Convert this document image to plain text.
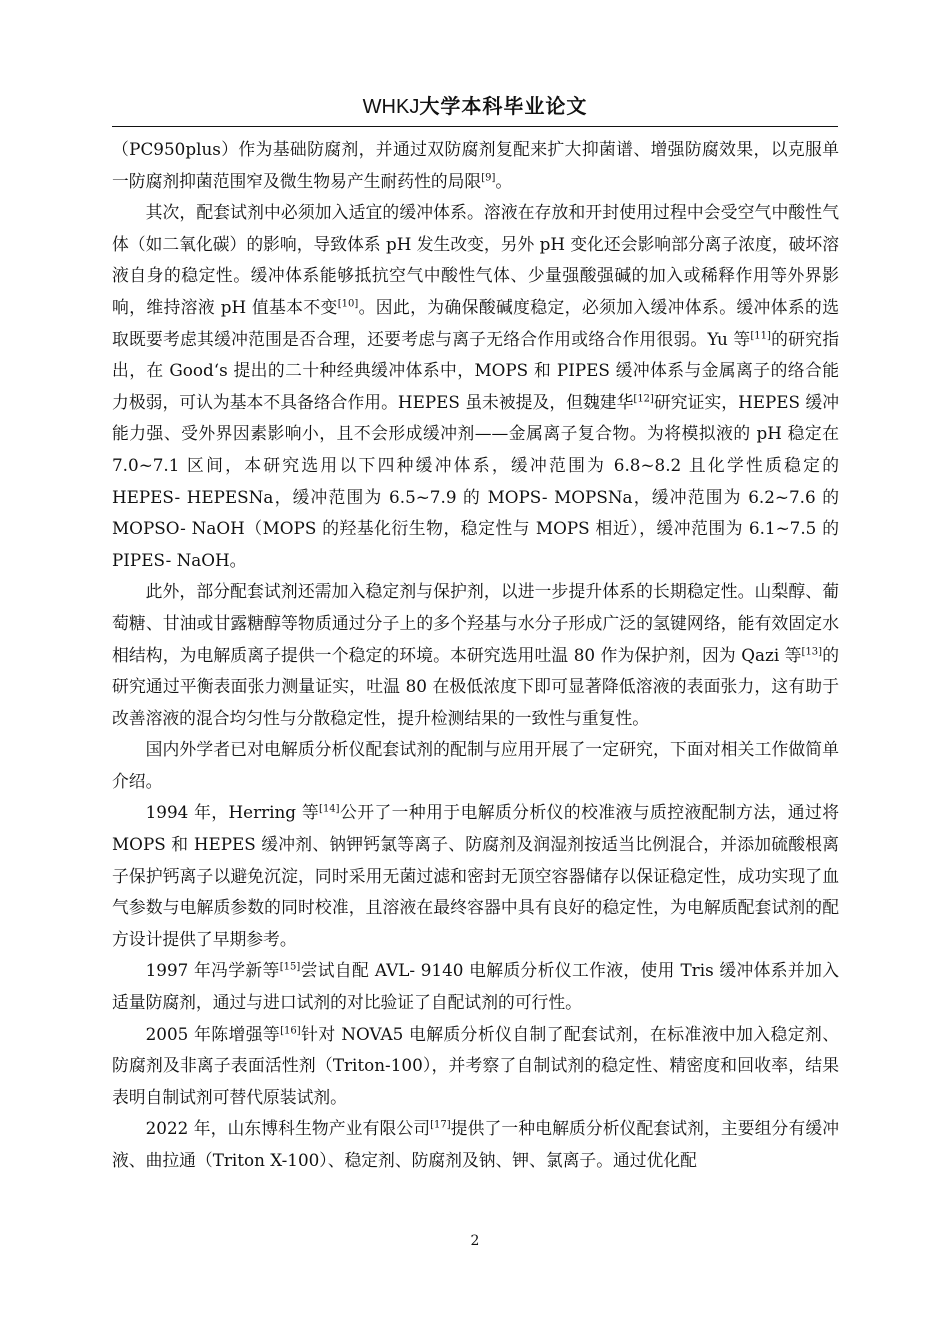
WHKJ大学本科毕业论文

（PC950plus）作为基础防腐剂，并通过双防腐剂复配来扩大抑菌谱、增强防腐效果，以克服单一防腐剂抑菌范围窄及微生物易产生耐药性的局限[9]。

其次，配套试剂中必须加入适宜的缓冲体系。溶液在存放和开封使用过程中会受空气中酸性气体（如二氧化碳）的影响，导致体系 pH 发生改变，另外 pH 变化还会影响部分离子浓度，破坏溶液自身的稳定性。缓冲体系能够抵抗空气中酸性气体、少量强酸强碱的加入或稀释作用等外界影响，维持溶液 pH 值基本不变[10]。因此，为确保酸碱度稳定，必须加入缓冲体系。缓冲体系的选取既要考虑其缓冲范围是否合理，还要考虑与离子无络合作用或络合作用很弱。Yu 等[11]的研究指出，在 Good‘s 提出的二十种经典缓冲体系中，MOPS 和 PIPES 缓冲体系与金属离子的络合能力极弱，可认为基本不具备络合作用。HEPES 虽未被提及，但魏建华[12]研究证实，HEPES 缓冲能力强、受外界因素影响小，且不会形成缓冲剂——金属离子复合物。为将模拟液的 pH 稳定在 7.0~7.1 区间，本研究选用以下四种缓冲体系，缓冲范围为 6.8~8.2 且化学性质稳定的 HEPES- HEPESNa，缓冲范围为 6.5~7.9 的 MOPS- MOPSNa，缓冲范围为 6.2~7.6 的 MOPSO- NaOH（MOPS 的羟基化衍生物，稳定性与 MOPS 相近），缓冲范围为 6.1~7.5 的 PIPES- NaOH。

此外，部分配套试剂还需加入稳定剂与保护剂，以进一步提升体系的长期稳定性。山梨醇、葡萄糖、甘油或甘露糖醇等物质通过分子上的多个羟基与水分子形成广泛的氢键网络，能有效固定水相结构，为电解质离子提供一个稳定的环境。本研究选用吐温 80 作为保护剂，因为 Qazi 等[13]的研究通过平衡表面张力测量证实，吐温 80 在极低浓度下即可显著降低溶液的表面张力，这有助于改善溶液的混合均匀性与分散稳定性，提升检测结果的一致性与重复性。

国内外学者已对电解质分析仪配套试剂的配制与应用开展了一定研究，下面对相关工作做简单介绍。

1994 年，Herring 等[14]公开了一种用于电解质分析仪的校准液与质控液配制方法，通过将 MOPS 和 HEPES 缓冲剂、钠钾钙氯等离子、防腐剂及润湿剂按适当比例混合，并添加硫酸根离子保护钙离子以避免沉淀，同时采用无菌过滤和密封无顶空容器储存以保证稳定性，成功实现了血气参数与电解质参数的同时校准，且溶液在最终容器中具有良好的稳定性，为电解质配套试剂的配方设计提供了早期参考。

1997 年冯学新等[15]尝试自配 AVL- 9140 电解质分析仪工作液，使用 Tris 缓冲体系并加入适量防腐剂，通过与进口试剂的对比验证了自配试剂的可行性。

2005 年陈增强等[16]针对 NOVA5 电解质分析仪自制了配套试剂，在标准液中加入稳定剂、防腐剂及非离子表面活性剂（Triton-100），并考察了自制试剂的稳定性、精密度和回收率，结果表明自制试剂可替代原装试剂。

2022 年，山东博科生物产业有限公司[17]提供了一种电解质分析仪配套试剂，主要组分有缓冲液、曲拉通（Triton X-100）、稳定剂、防腐剂及钠、钾、氯离子。通过优化配

2
